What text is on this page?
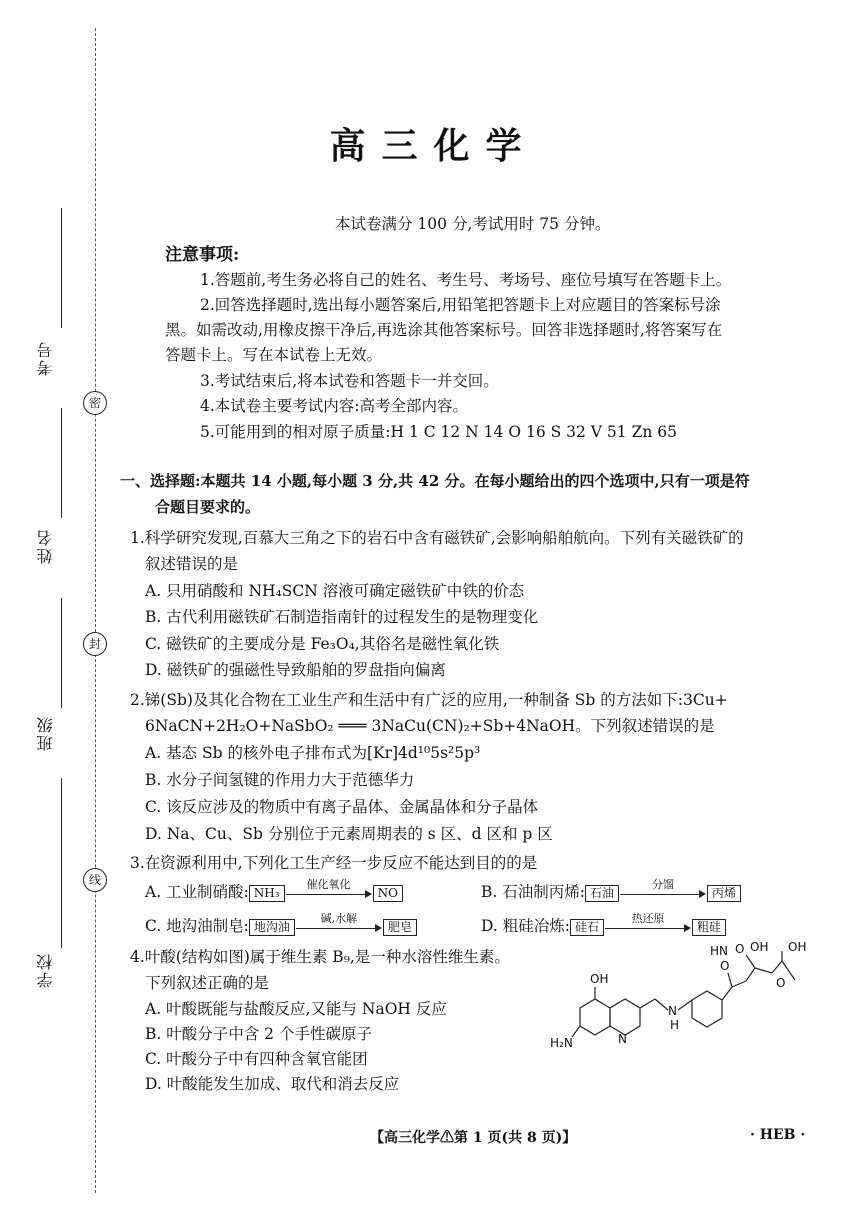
考号
姓名
班级
学校
密
封
线
高三化学
本试卷满分 100 分,考试用时 75 分钟。
注意事项:
1.答题前,考生务必将自己的姓名、考生号、考场号、座位号填写在答题卡上。
2.回答选择题时,选出每小题答案后,用铅笔把答题卡上对应题目的答案标号涂
黑。如需改动,用橡皮擦干净后,再选涂其他答案标号。回答非选择题时,将答案写在
答题卡上。写在本试卷上无效。
3.考试结束后,将本试卷和答题卡一并交回。
4.本试卷主要考试内容:高考全部内容。
5.可能用到的相对原子质量:H 1 C 12 N 14 O 16 S 32 V 51 Zn 65
一、选择题:本题共 14 小题,每小题 3 分,共 42 分。在每小题给出的四个选项中,只有一项是符
合题目要求的。
1.科学研究发现,百慕大三角之下的岩石中含有磁铁矿,会影响船舶航向。下列有关磁铁矿的
叙述错误的是
A. 只用硝酸和 NH₄SCN 溶液可确定磁铁矿中铁的价态
B. 古代利用磁铁矿石制造指南针的过程发生的是物理变化
C. 磁铁矿的主要成分是 Fe₃O₄,其俗名是磁性氧化铁
D. 磁铁矿的强磁性导致船舶的罗盘指向偏离
2.锑(Sb)及其化合物在工业生产和生活中有广泛的应用,一种制备 Sb 的方法如下:3Cu+
6NaCN+2H₂O+NaSbO₂ ═══ 3NaCu(CN)₂+Sb+4NaOH。下列叙述错误的是
A. 基态 Sb 的核外电子排布式为[Kr]4d¹⁰5s²5p³
B. 水分子间氢键的作用力大于范德华力
C. 该反应涉及的物质中有离子晶体、金属晶体和分子晶体
D. Na、Cu、Sb 分别位于元素周期表的 s 区、d 区和 p 区
3.在资源利用中,下列化工生产经一步反应不能达到目的的是
A. 工业制硝酸: NH₃
催化氧化
NO	B. 石油制丙烯: 石油
分馏
丙烯
C. 地沟油制皂: 地沟油
碱,水解
肥皂	D. 粗硅冶炼: 硅石
热还原
粗硅
4.叶酸(结构如图)属于维生素 B₉,是一种水溶性维生素。
下列叙述正确的是
A. 叶酸既能与盐酸反应,又能与 NaOH 反应
B. 叶酸分子中含 2 个手性碳原子
C. 叶酸分子中有四种含氧官能团
D. 叶酸能发生加成、取代和消去反应
OH
N
H₂N
N
H
O
HN O OH
O
OH
【高三化学⚠第 1 页(共 8 页)】	· HEB ·
